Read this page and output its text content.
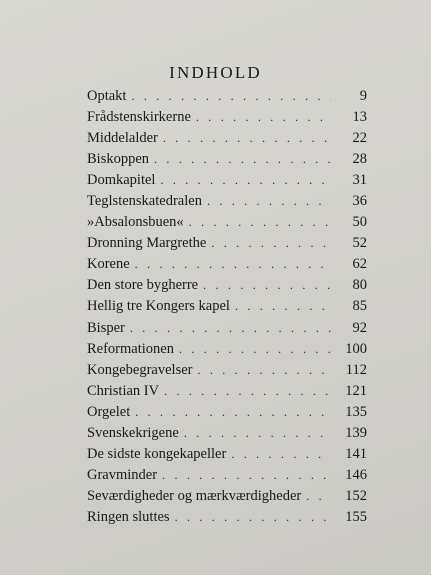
INDHOLD
Optakt . . .	9
Frådstenskirkerne . . .	13
Middelalder . . .	22
Biskoppen . . .	28
Domkapitel . . .	31
Teglstenskatedralen . . .	36
»Absalonsbuen« . . .	50
Dronning Margrethe . . .	52
Korene . . .	62
Den store bygherre . . .	80
Hellig tre Kongers kapel . . .	85
Bisper . . .	92
Reformationen . . .	100
Kongebegravelser . . .	112
Christian IV . . .	121
Orgelet . . .	135
Svenskekrigene . . .	139
De sidste kongekapeller . . .	141
Gravminder . . .	146
Seværdigheder og mærkværdigheder . . .	152
Ringen sluttes . . .	155
